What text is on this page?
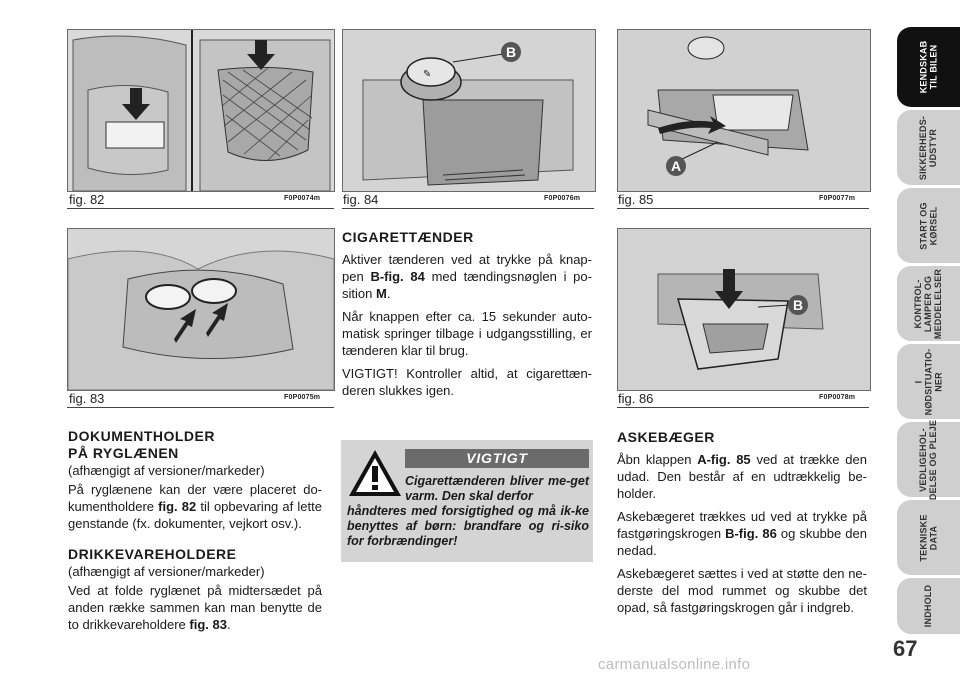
fig. 82	F0P0074m
fig. 83	F0P0075m
✎
B
fig. 84	F0P0076m
A
fig. 85	F0P0077m
B
fig. 86	F0P0078m
DOKUMENTHOLDER
PÅ RYGLÆNEN

(afhængigt af versioner/markeder)

På ryglænene kan der være placeret do-kumentholdere fig. 82 til opbevaring af lette genstande (fx. dokumenter, vejkort osv.).

DRIKKEVAREHOLDERE

(afhængigt af versioner/markeder)

Ved at folde ryglænet på midtersædet på anden række sammen kan man benytte de to drikkevareholdere fig. 83.

CIGARETTÆNDER

Aktiver tænderen ved at trykke på knap-pen B-fig. 84 med tændingsnøglen i po-sition M.

Når knappen efter ca. 15 sekunder auto-matisk springer tilbage i udgangsstilling, er tænderen klar til brug.

VIGTIGT! Kontroller altid, at cigarettæn-deren slukkes igen.

VIGTIGT
Cigarettænderen bliver me-get varm. Den skal derfor
håndteres med forsigtighed og må ik-ke benyttes af børn: brandfare og ri-siko for forbrændinger!
ASKEBÆGER

Åbn klappen A-fig. 85 ved at trække den udad. Den består af en udtrækkelig be-holder.

Askebægeret trækkes ud ved at trykke på fastgøringskrogen B-fig. 86 og skubbe den nedad.

Askebægeret sættes i ved at støtte den ne-derste del mod rummet og skubbe det opad, så fastgøringskrogen går i indgreb.

KENDSKAB
TIL BILEN
SIKKERHEDS-
UDSTYR
START OG
KØRSEL
KONTROL-
LAMPER OG
MEDDELELSER
I
NØDSITUATIO-
NER
VEDLIGEHOL-
DELSE OG PLEJE
TEKNISKE
DATA
INDHOLD
67
carmanualsonline.info
